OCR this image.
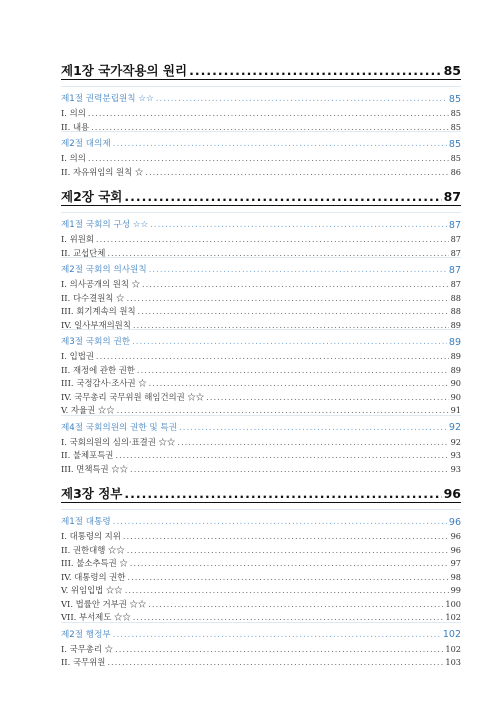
제1장 국가작용의 원리 .....	85
제1절 권력분립원칙 ☆☆ .....	85
I. 의의 .....	85
II. 내용 .....	85
제2절 대의제 .....	85
I. 의의 .....	85
II. 자유위임의 원칙 ☆ .....	86
제2장 국회 .....	87
제1절 국회의 구성 ☆☆ .....	87
I. 위원회 .....	87
II. 교섭단체 .....	87
제2절 국회의 의사원칙 .....	87
I. 의사공개의 원칙 ☆ .....	87
II. 다수결원칙 ☆ .....	88
III. 회기계속의 원칙 .....	88
IV. 일사부재의원칙 .....	89
제3절 국회의 권한 .....	89
I. 입법권 .....	89
II. 재정에 관한 권한 .....	89
III. 국정감사·조사권 ☆ .....	90
IV. 국무총리 국무위원 해임건의권 ☆☆ .....	90
V. 자율권 ☆☆ .....	91
제4절 국회의원의 권한 및 특권 .....	92
I. 국회의원의 심의·표결권 ☆☆ .....	92
II. 불체포특권 .....	93
III. 면책특권 ☆☆ .....	93
제3장 정부 .....	96
제1절 대통령 .....	96
I. 대통령의 지위 .....	96
II. 권한대행 ☆☆ .....	96
III. 불소추특권 ☆ .....	97
IV. 대통령의 권한 .....	98
V. 위임입법 ☆☆ .....	99
VI. 법률안 거부권 ☆☆ .....	100
VII. 부서제도 ☆☆ .....	102
제2절 행정부 .....	102
I. 국무총리 ☆ .....	102
II. 국무위원 .....	103
